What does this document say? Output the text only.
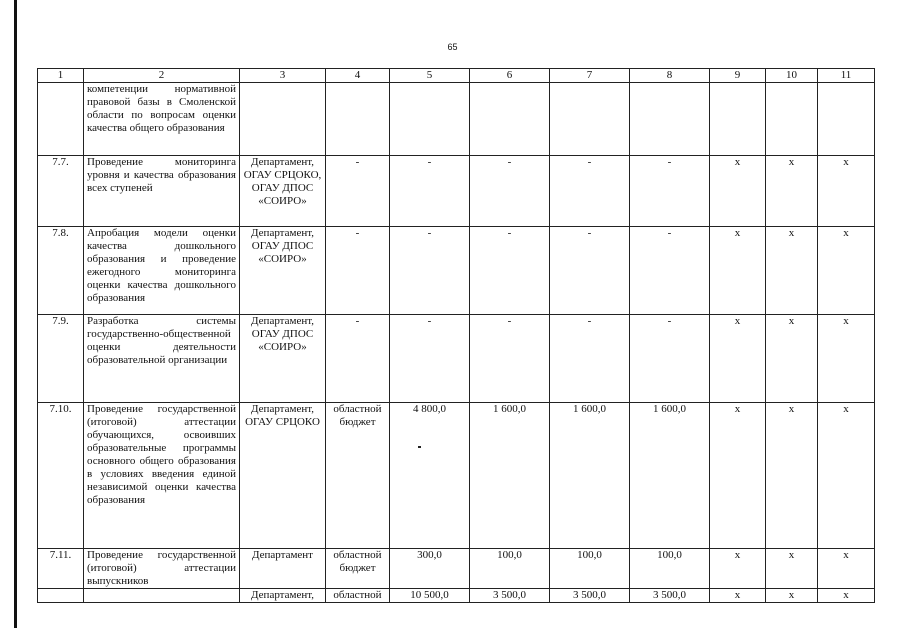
65
1	2	3	4	5	6	7	8	9	10	11
	компетенции нормативной правовой базы в Смоленской области по вопросам оценки качества общего образования									
7.7.	Проведение мониторинга уровня и качества образования всех ступеней	Департамент, ОГАУ СРЦОКО, ОГАУ ДПОС «СОИРО»	-	-	-	-	-	х	х	х
7.8.	Апробация модели оценки качества дошкольного образования и проведение ежегодного мониторинга оценки качества дошкольного образования	Департамент, ОГАУ ДПОС «СОИРО»	-	-	-	-	-	х	х	х
7.9.	Разработка системы государственно-общественной оценки деятельности образовательной организации	Департамент, ОГАУ ДПОС «СОИРО»	-	-	-	-	-	х	х	х
7.10.	Проведение государственной (итоговой) аттестации обучающихся, освоивших образовательные программы основного общего образования в условиях введения единой независимой оценки качества образования	Департамент, ОГАУ СРЦОКО	областной бюджет	4 800,0	1 600,0	1 600,0	1 600,0	х	х	х
7.11.	Проведение государственной (итоговой) аттестации выпускников	Департамент	областной бюджет	300,0	100,0	100,0	100,0	х	х	х
		Департамент,	областной	10 500,0	3 500,0	3 500,0	3 500,0	х	х	х
